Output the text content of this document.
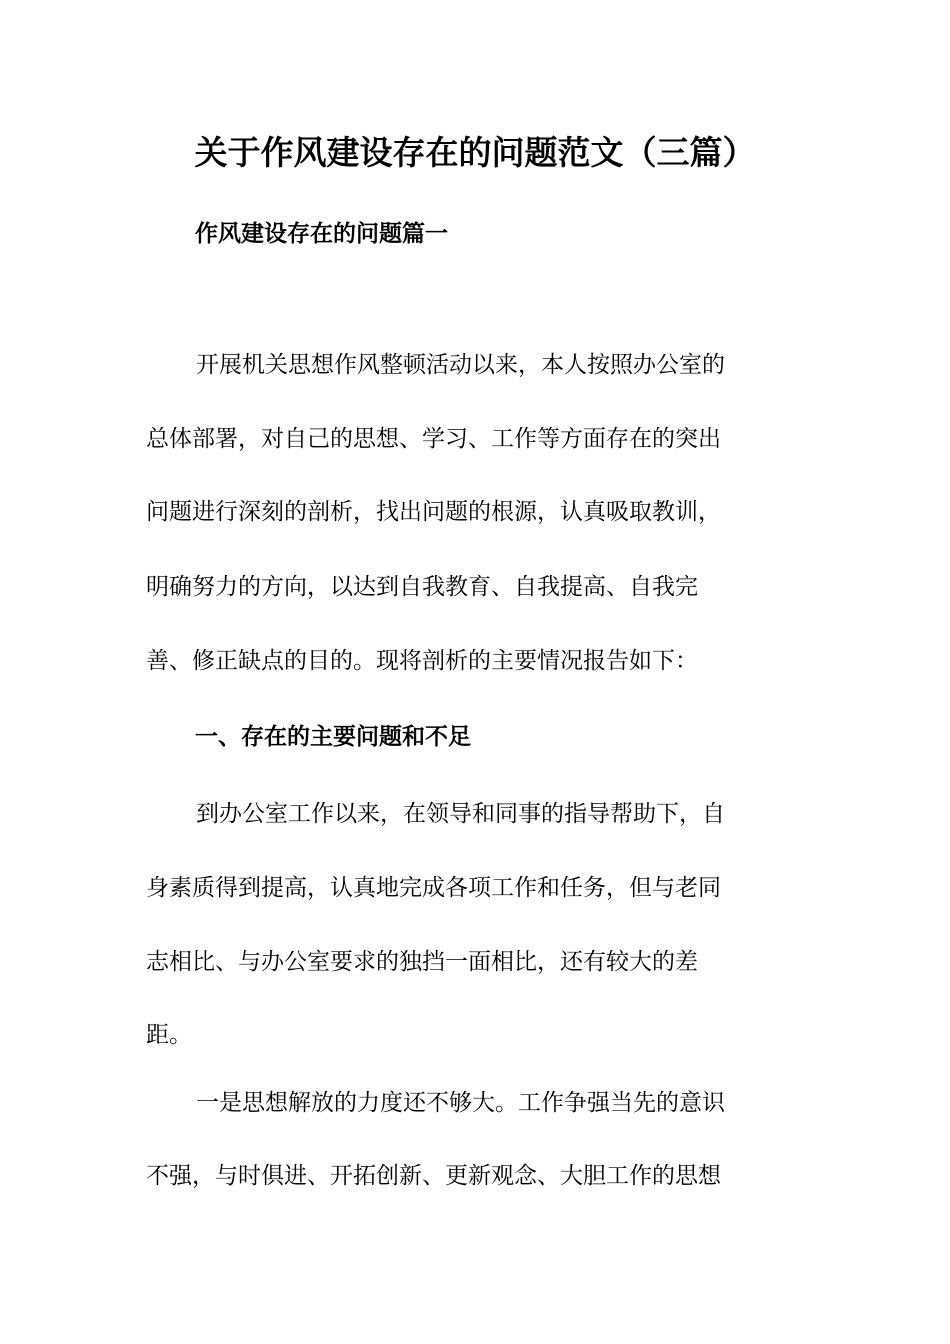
关于作风建设存在的问题范文（三篇）
作风建设存在的问题篇一
开展机关思想作风整顿活动以来，本人按照办公室的
总体部署，对自己的思想、学习、工作等方面存在的突出
问题进行深刻的剖析，找出问题的根源，认真吸取教训，
明确努力的方向，以达到自我教育、自我提高、自我完
善、修正缺点的目的。现将剖析的主要情况报告如下：
一、存在的主要问题和不足
到办公室工作以来，在领导和同事的指导帮助下，自
身素质得到提高，认真地完成各项工作和任务，但与老同
志相比、与办公室要求的独挡一面相比，还有较大的差
距。
一是思想解放的力度还不够大。工作争强当先的意识
不强，与时俱进、开拓创新、更新观念、大胆工作的思想
